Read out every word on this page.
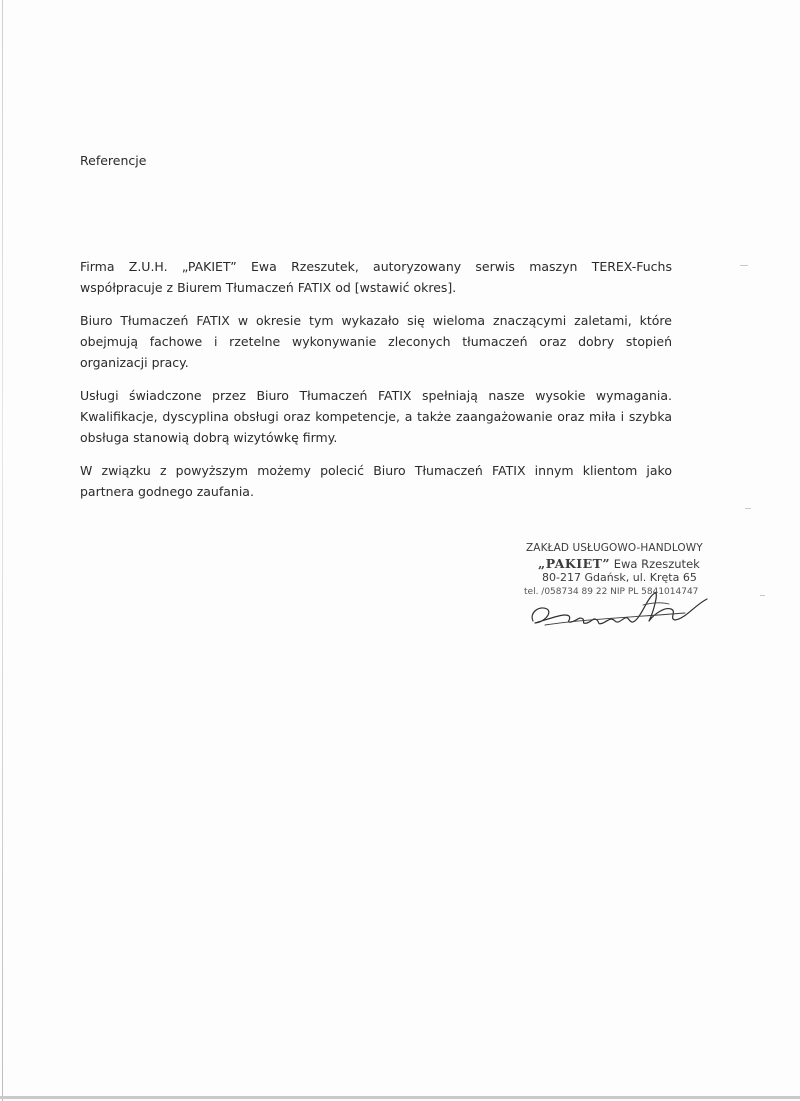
Referencje

Firma Z.U.H. „PAKIET” Ewa Rzeszutek, autoryzowany serwis maszyn TEREX-Fuchs współpracuje z Biurem Tłumaczeń FATIX od [wstawić okres].

Biuro Tłumaczeń FATIX w okresie tym wykazało się wieloma znaczącymi zaletami, które obejmują fachowe i rzetelne wykonywanie zleconych tłumaczeń oraz dobry stopień organizacji pracy.

Usługi świadczone przez Biuro Tłumaczeń FATIX spełniają nasze wysokie wymagania. Kwalifikacje, dyscyplina obsługi oraz kompetencje, a także zaangażowanie oraz miła i szybka obsługa stanowią dobrą wizytówkę firmy.

W związku z powyższym możemy polecić Biuro Tłumaczeń FATIX innym klientom jako partnera godnego zaufania.

ZAKŁAD USŁUGOWO-HANDLOWY
„PAKIET” Ewa Rzeszutek
80-217 Gdańsk, ul. Kręta 65
tel. /058734 89 22 NIP PL 5841014747
